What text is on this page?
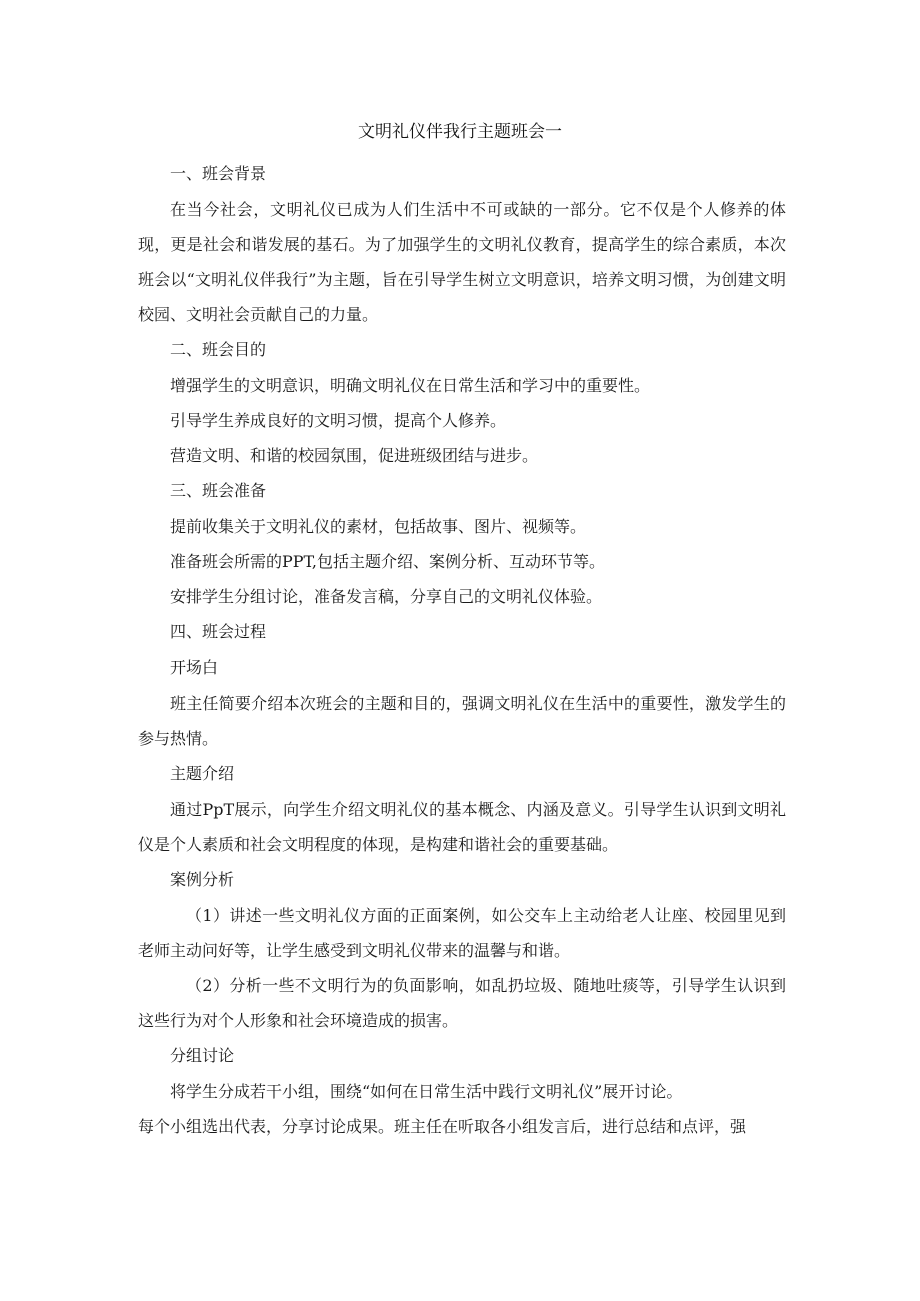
文明礼仪伴我行主题班会一

一、班会背景

在当今社会，文明礼仪已成为人们生活中不可或缺的一部分。它不仅是个人修养的体现，更是社会和谐发展的基石。为了加强学生的文明礼仪教育，提高学生的综合素质，本次班会以“文明礼仪伴我行”为主题，旨在引导学生树立文明意识，培养文明习惯，为创建文明校园、文明社会贡献自己的力量。

二、班会目的

增强学生的文明意识，明确文明礼仪在日常生活和学习中的重要性。

引导学生养成良好的文明习惯，提高个人修养。

营造文明、和谐的校园氛围，促进班级团结与进步。

三、班会准备

提前收集关于文明礼仪的素材，包括故事、图片、视频等。

准备班会所需的PPT,包括主题介绍、案例分析、互动环节等。

安排学生分组讨论，准备发言稿，分享自己的文明礼仪体验。

四、班会过程

开场白

班主任简要介绍本次班会的主题和目的，强调文明礼仪在生活中的重要性，激发学生的参与热情。

主题介绍

通过PpT展示，向学生介绍文明礼仪的基本概念、内涵及意义。引导学生认识到文明礼仪是个人素质和社会文明程度的体现，是构建和谐社会的重要基础。

案例分析

（1）讲述一些文明礼仪方面的正面案例，如公交车上主动给老人让座、校园里见到老师主动问好等，让学生感受到文明礼仪带来的温馨与和谐。

（2）分析一些不文明行为的负面影响，如乱扔垃圾、随地吐痰等，引导学生认识到这些行为对个人形象和社会环境造成的损害。

分组讨论

将学生分成若干小组，围绕“如何在日常生活中践行文明礼仪”展开讨论。

每个小组选出代表，分享讨论成果。班主任在听取各小组发言后，进行总结和点评，强
